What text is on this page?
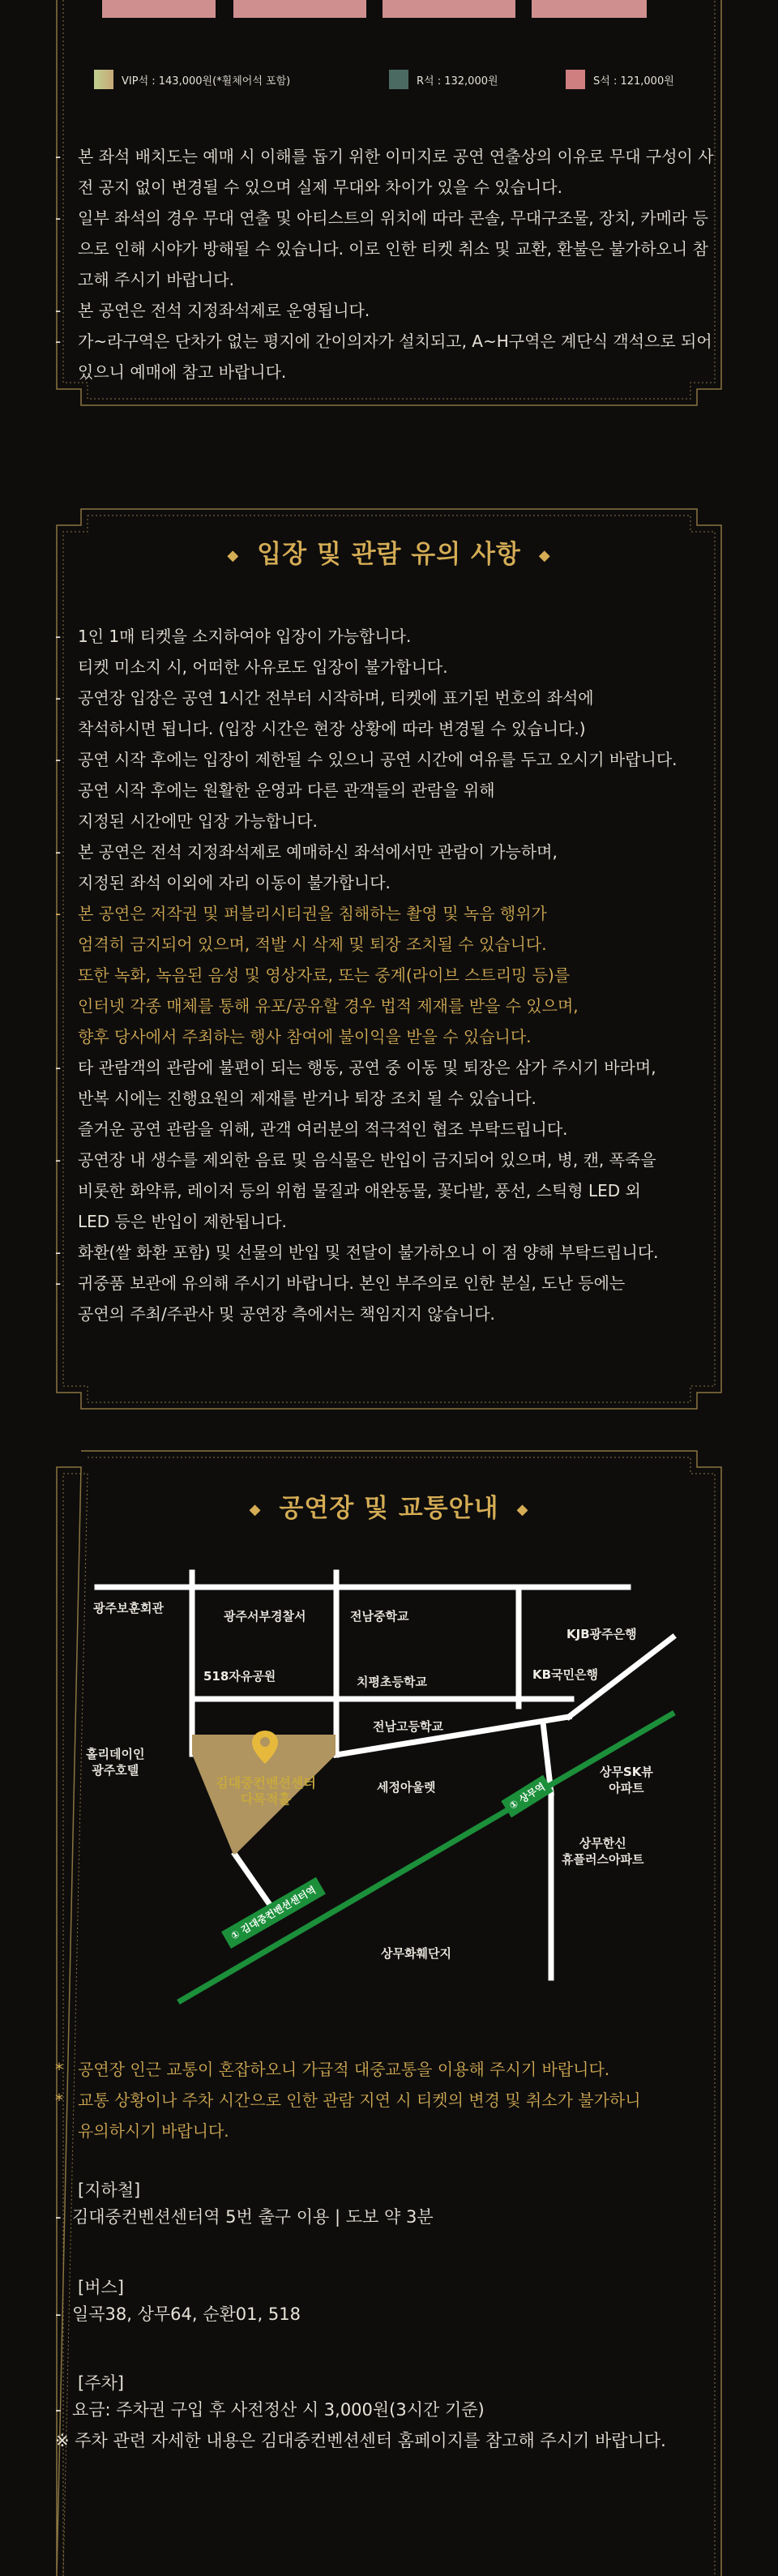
VIP석 : 143,000원(*휠체어석 포함)	R석 : 132,000원	S석 : 121,000원
- 본 좌석 배치도는 예매 시 이해를 돕기 위한 이미지로 공연 연출상의 이유로 무대 구성이 사전 공지 없이 변경될 수 있으며 실제 무대와 차이가 있을 수 있습니다.
- 일부 좌석의 경우 무대 연출 및 아티스트의 위치에 따라 콘솔, 무대구조물, 장치, 카메라 등으로 인해 시야가 방해될 수 있습니다. 이로 인한 티켓 취소 및 교환, 환불은 불가하오니 참고해 주시기 바랍니다.
- 본 공연은 전석 지정좌석제로 운영됩니다.
- 가~라구역은 단차가 없는 평지에 간이의자가 설치되고, A~H구역은 계단식 객석으로 되어있으니 예매에 참고 바랍니다.
◆ 입장 및 관람 유의 사항 ◆
- 1인 1매 티켓을 소지하여야 입장이 가능합니다.
티켓 미소지 시, 어떠한 사유로도 입장이 불가합니다.
- 공연장 입장은 공연 1시간 전부터 시작하며, 티켓에 표기된 번호의 좌석에
착석하시면 됩니다. (입장 시간은 현장 상황에 따라 변경될 수 있습니다.)
- 공연 시작 후에는 입장이 제한될 수 있으니 공연 시간에 여유를 두고 오시기 바랍니다.
공연 시작 후에는 원활한 운영과 다른 관객들의 관람을 위해
지정된 시간에만 입장 가능합니다.
- 본 공연은 전석 지정좌석제로 예매하신 좌석에서만 관람이 가능하며,
지정된 좌석 이외에 자리 이동이 불가합니다.
- 본 공연은 저작권 및 퍼블리시티권을 침해하는 촬영 및 녹음 행위가
엄격히 금지되어 있으며, 적발 시 삭제 및 퇴장 조치될 수 있습니다.
또한 녹화, 녹음된 음성 및 영상자료, 또는 중계(라이브 스트리밍 등)를
인터넷 각종 매체를 통해 유포/공유할 경우 법적 제재를 받을 수 있으며,
향후 당사에서 주최하는 행사 참여에 불이익을 받을 수 있습니다.
- 타 관람객의 관람에 불편이 되는 행동, 공연 중 이동 및 퇴장은 삼가 주시기 바라며,
반복 시에는 진행요원의 제재를 받거나 퇴장 조치 될 수 있습니다.
즐거운 공연 관람을 위해, 관객 여러분의 적극적인 협조 부탁드립니다.
- 공연장 내 생수를 제외한 음료 및 음식물은 반입이 금지되어 있으며, 병, 캔, 폭죽을
비롯한 화약류, 레이저 등의 위험 물질과 애완동물, 꽃다발, 풍선, 스틱형 LED 외
LED 등은 반입이 제한됩니다.
- 화환(쌀 화환 포함) 및 선물의 반입 및 전달이 불가하오니 이 점 양해 부탁드립니다.
- 귀중품 보관에 유의해 주시기 바랍니다. 본인 부주의로 인한 분실, 도난 등에는
공연의 주최/주관사 및 공연장 측에서는 책임지지 않습니다.
◆ 공연장 및 교통안내 ◆
광주보훈회관
광주서부경찰서	전남중학교
KJB광주은행
518자유공원	치평초등학교	KB국민은행
홀리데이인
광주호텔
김대중컨벤션센터
다목적홀
전남고등학교
세정아울렛	① 상무역
상무SK뷰
아파트
상무한신
휴플러스아파트
① 김대중컨벤션센터역
상무화훼단지
* 공연장 인근 교통이 혼잡하오니 가급적 대중교통을 이용해 주시기 바랍니다.
* 교통 상황이나 주차 시간으로 인한 관람 지연 시 티켓의 변경 및 취소가 불가하니
유의하시기 바랍니다.
[지하철]
-  김대중컨벤션센터역 5번 출구 이용 | 도보 약 3분
[버스]
-  일곡38, 상무64, 순환01, 518
[주차]
-  요금: 주차권 구입 후 사전정산 시 3,000원(3시간 기준)
※ 주차 관련 자세한 내용은 김대중컨벤션센터 홈페이지를 참고해 주시기 바랍니다.
